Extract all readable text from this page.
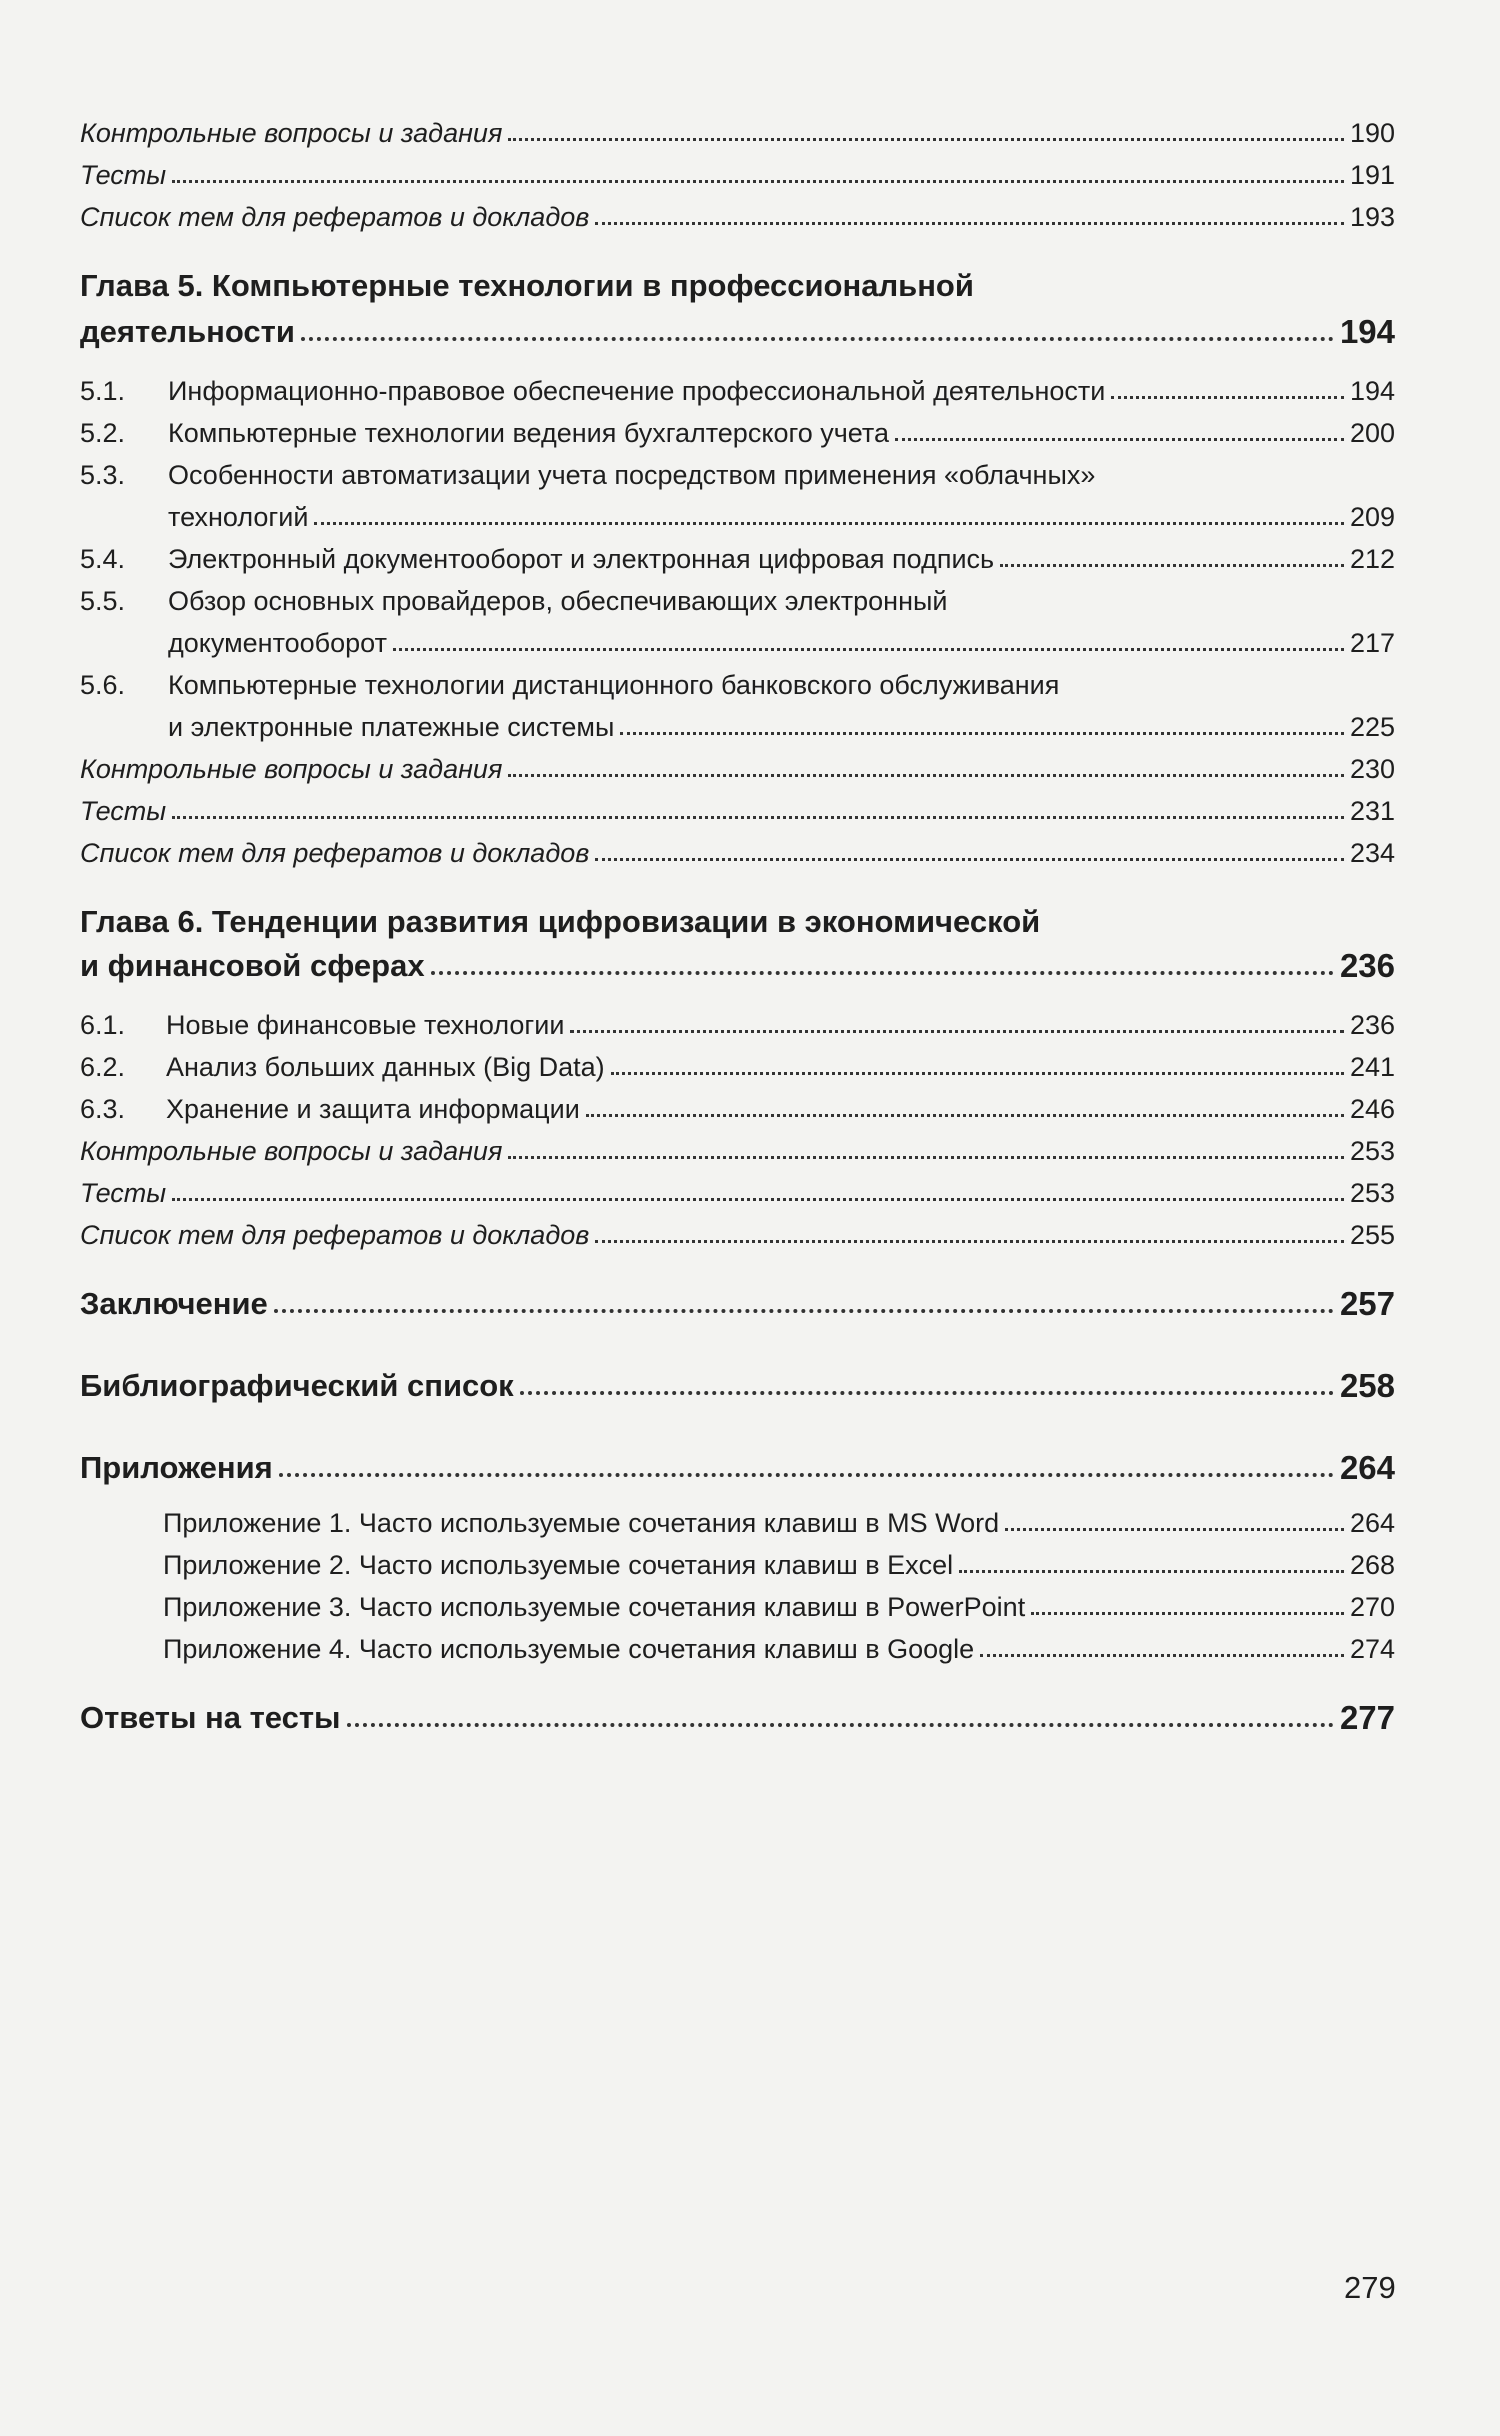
Контрольные вопросы и задания	190
Тесты	191
Список тем для рефератов и докладов	193
Глава 5. Компьютерные технологии в профессиональной
деятельности	194
5.1.	Информационно-правовое обеспечение профессиональной деятельности	194
5.2.	Компьютерные технологии ведения бухгалтерского учета	200
5.3.	Особенности автоматизации учета посредством применения «облачных»
технологий	209
5.4.	Электронный документооборот и электронная цифровая подпись	212
5.5.	Обзор основных провайдеров, обеспечивающих электронный
документооборот	217
5.6.	Компьютерные технологии дистанционного банковского обслуживания
и электронные платежные системы	225
Контрольные вопросы и задания	230
Тесты	231
Список тем для рефератов и докладов	234
Глава 6. Тенденции развития цифровизации в экономической
и финансовой сферах	236
6.1.	Новые финансовые технологии	236
6.2.	Анализ больших данных (Big Data)	241
6.3.	Хранение и защита информации	246
Контрольные вопросы и задания	253
Тесты	253
Список тем для рефератов и докладов	255
Заключение	257
Библиографический список	258
Приложения	264
Приложение 1. Часто используемые сочетания клавиш в MS Word	264
Приложение 2. Часто используемые сочетания клавиш в Excel	268
Приложение 3. Часто используемые сочетания клавиш в PowerPoint	270
Приложение 4. Часто используемые сочетания клавиш в Google	274
Ответы на тесты	277
279
